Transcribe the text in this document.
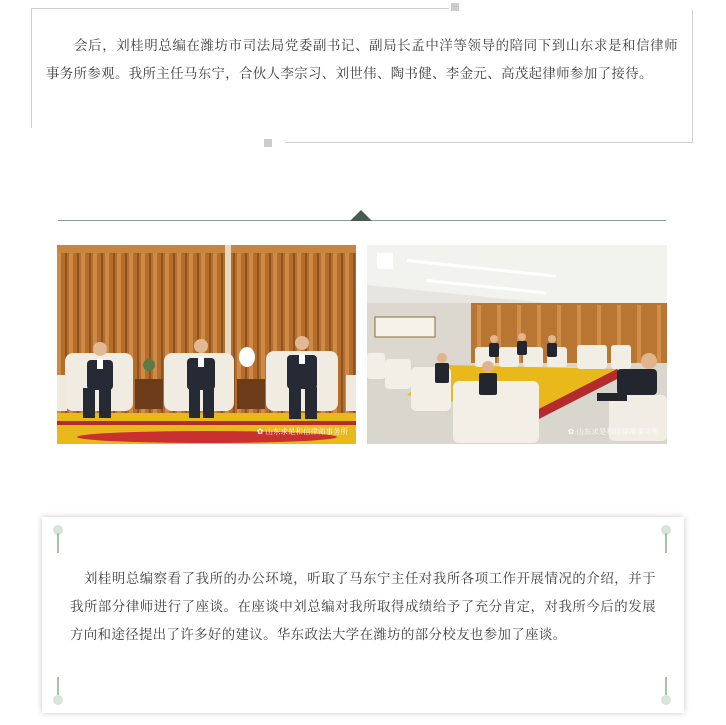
　　会后，刘桂明总编在潍坊市司法局党委副书记、副局长孟中洋等领导的陪同下到山东求是和信律师事务所参观。我所主任马东宁，合伙人李宗习、刘世伟、陶书健、李金元、高茂起律师参加了接待。

✿ 山东求是和信律师事务所	✿ 山东求是和信律师事务所

　刘桂明总编察看了我所的办公环境，听取了马东宁主任对我所各项工作开展情况的介绍，并于我所部分律师进行了座谈。在座谈中刘总编对我所取得成绩给予了充分肯定，对我所今后的发展方向和途径提出了许多好的建议。华东政法大学在潍坊的部分校友也参加了座谈。
